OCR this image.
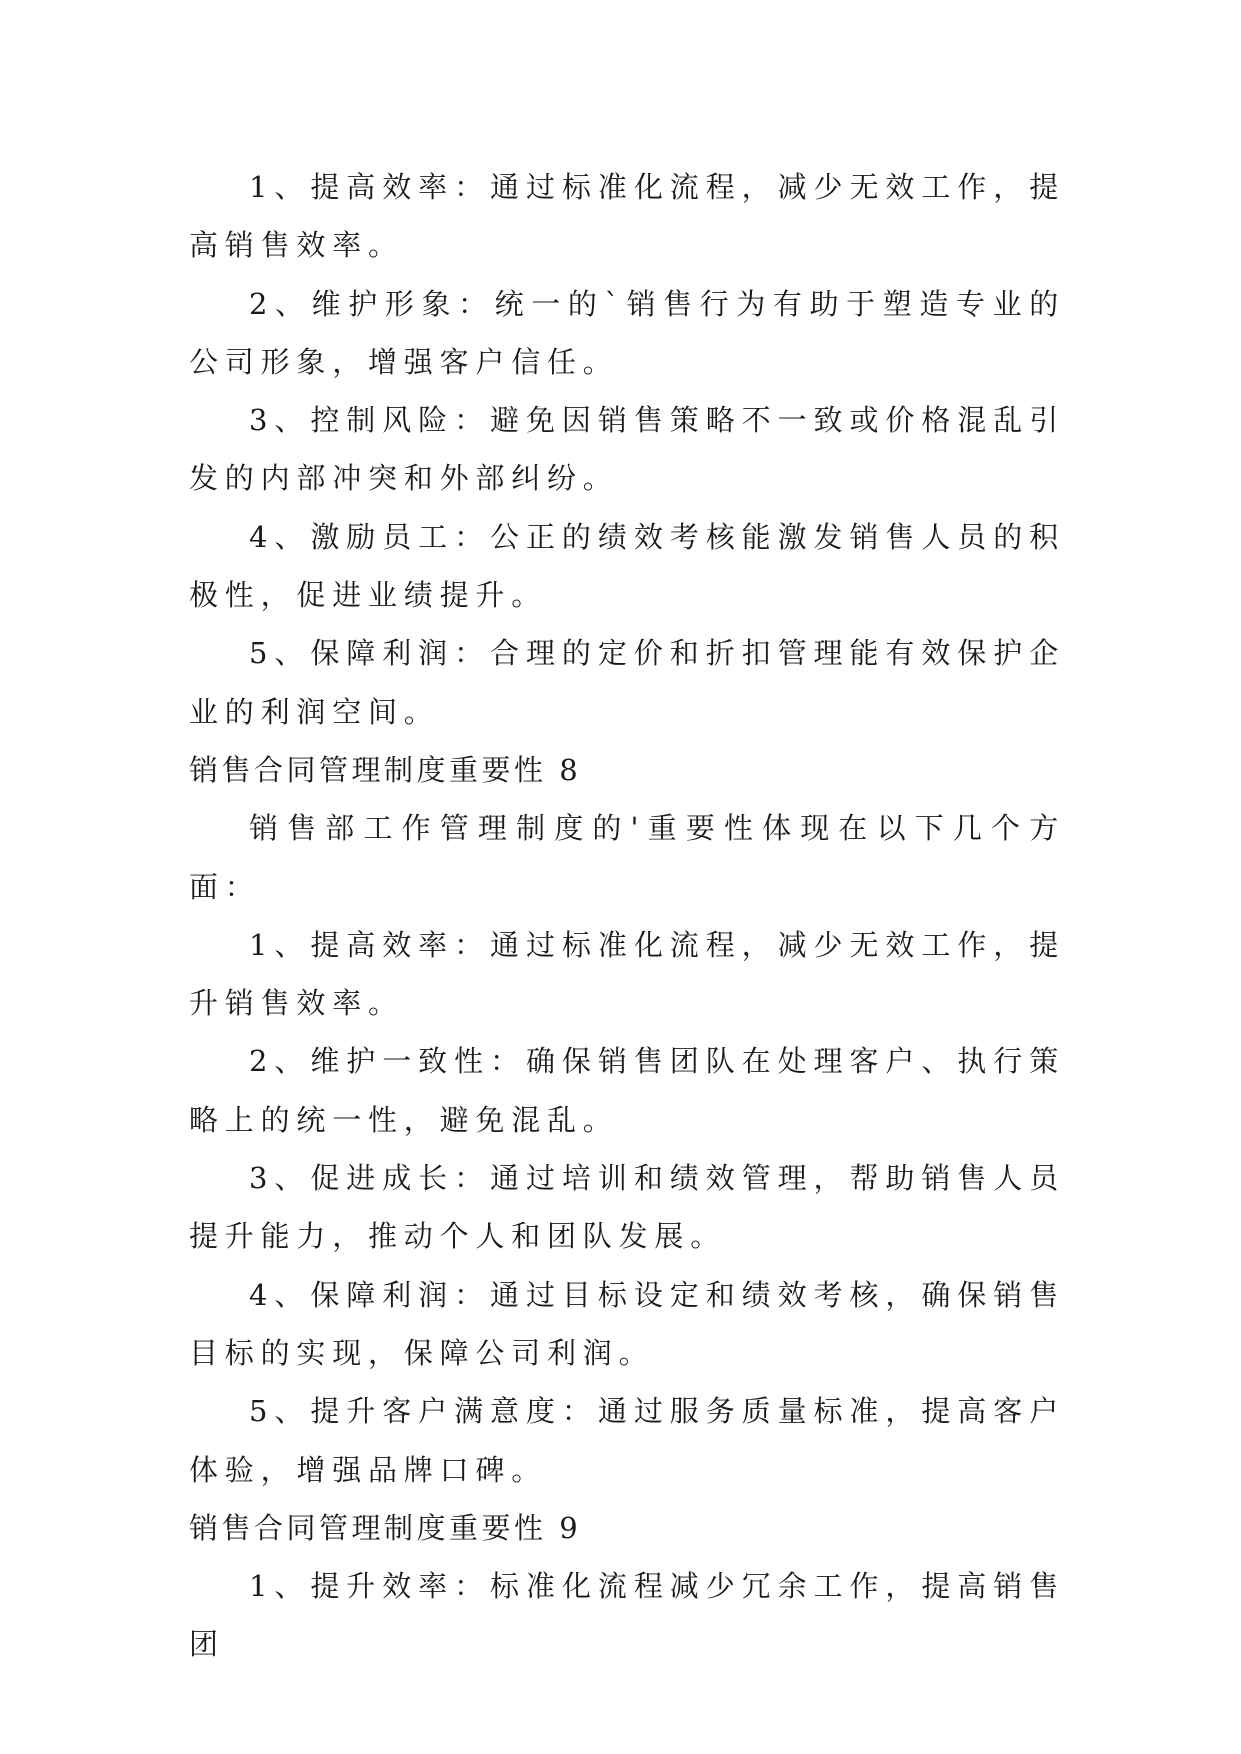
1、提高效率：通过标准化流程，减少无效工作，提高销售效率。

2、维护形象：统一的`销售行为有助于塑造专业的公司形象，增强客户信任。

3、控制风险：避免因销售策略不一致或价格混乱引发的内部冲突和外部纠纷。

4、激励员工：公正的绩效考核能激发销售人员的积极性，促进业绩提升。

5、保障利润：合理的定价和折扣管理能有效保护企业的利润空间。

销售合同管理制度重要性 8

销售部工作管理制度的'重要性体现在以下几个方面：

1、提高效率：通过标准化流程，减少无效工作，提升销售效率。

2、维护一致性：确保销售团队在处理客户、执行策略上的统一性，避免混乱。

3、促进成长：通过培训和绩效管理，帮助销售人员提升能力，推动个人和团队发展。

4、保障利润：通过目标设定和绩效考核，确保销售目标的实现，保障公司利润。

5、提升客户满意度：通过服务质量标准，提高客户体验，增强品牌口碑。

销售合同管理制度重要性 9

1、提升效率：标准化流程减少冗余工作，提高销售团
